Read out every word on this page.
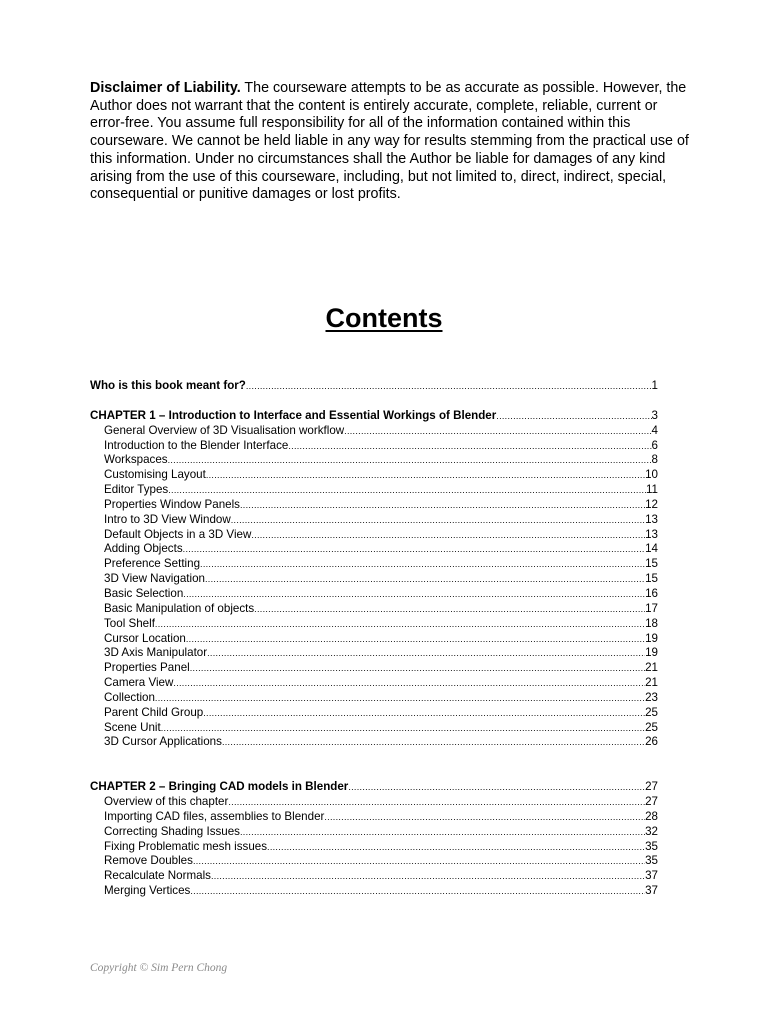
Disclaimer of Liability. The courseware attempts to be as accurate as possible. However, the Author does not warrant that the content is entirely accurate, complete, reliable, current or error-free. You assume full responsibility for all of the information contained within this courseware. We cannot be held liable in any way for results stemming from the practical use of this information. Under no circumstances shall the Author be liable for damages of any kind arising from the use of this courseware, including, but not limited to, direct, indirect, special, consequential or punitive damages or lost profits.
Contents
Who is this book meant for? .....	1
CHAPTER 1 – Introduction to Interface and Essential Workings of Blender .....	3
General Overview of 3D Visualisation workflow .....	4
Introduction to the Blender Interface .....	6
Workspaces .....	8
Customising Layout .....	10
Editor Types .....	11
Properties Window Panels .....	12
Intro to 3D View Window .....	13
Default Objects in a 3D View .....	13
Adding Objects .....	14
Preference Setting .....	15
3D View Navigation .....	15
Basic Selection .....	16
Basic Manipulation of objects .....	17
Tool Shelf .....	18
Cursor Location .....	19
3D Axis Manipulator .....	19
Properties Panel .....	21
Camera View .....	21
Collection .....	23
Parent Child Group .....	25
Scene Unit .....	25
3D Cursor Applications .....	26
CHAPTER 2 – Bringing CAD models in Blender .....	27
Overview of this chapter .....	27
Importing CAD files, assemblies to Blender .....	28
Correcting Shading Issues .....	32
Fixing Problematic mesh issues .....	35
Remove Doubles .....	35
Recalculate Normals .....	37
Merging Vertices .....	37
Copyright © Sim Pern Chong
